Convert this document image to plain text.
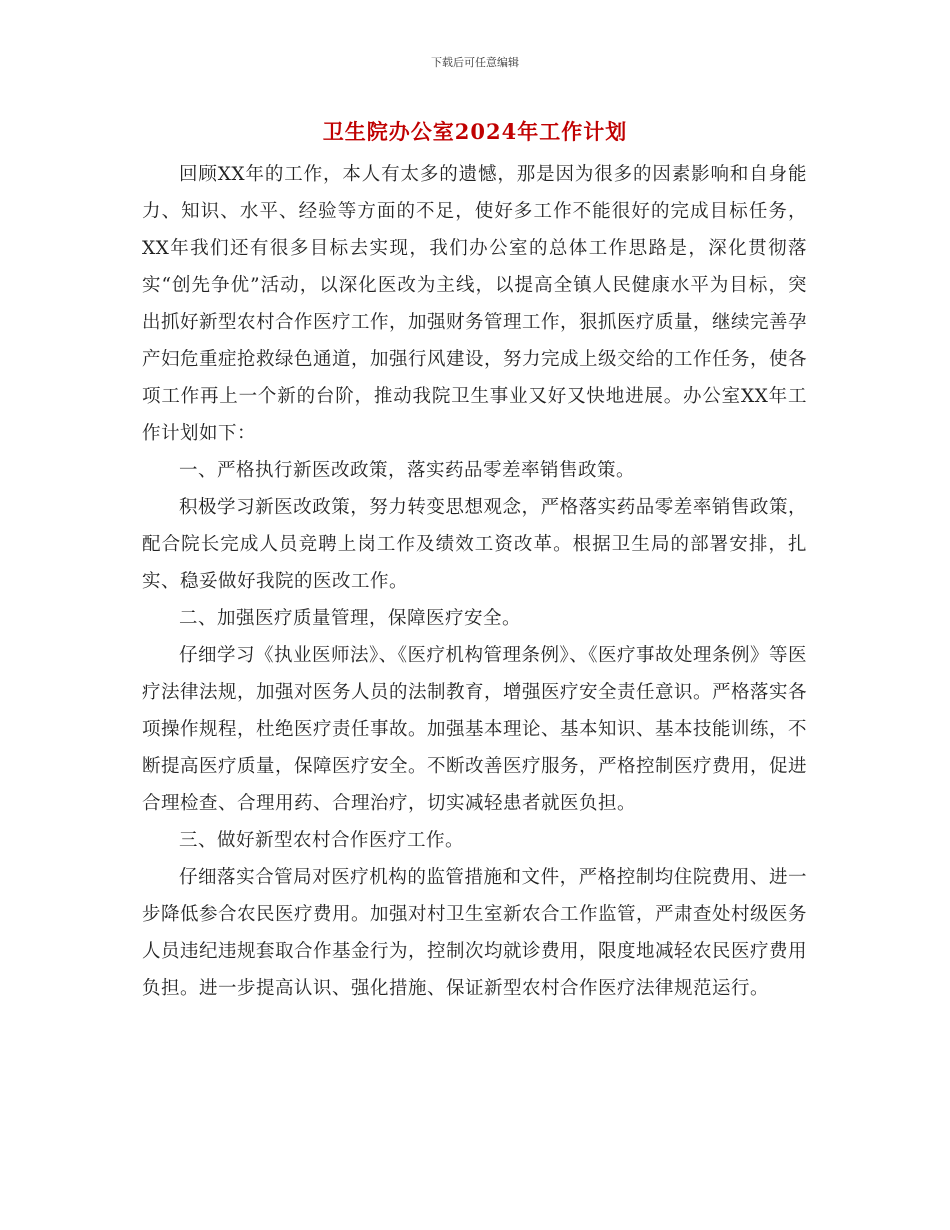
下载后可任意编辑
卫生院办公室2024年工作计划

回顾XX年的工作，本人有太多的遗憾，那是因为很多的因素影响和自身能力、知识、水平、经验等方面的不足，使好多工作不能很好的完成目标任务，XX年我们还有很多目标去实现，我们办公室的总体工作思路是，深化贯彻落实“创先争优”活动，以深化医改为主线，以提高全镇人民健康水平为目标，突出抓好新型农村合作医疗工作，加强财务管理工作，狠抓医疗质量，继续完善孕产妇危重症抢救绿色通道，加强行风建设，努力完成上级交给的工作任务，使各项工作再上一个新的台阶，推动我院卫生事业又好又快地进展。办公室XX年工作计划如下：

一、严格执行新医改政策，落实药品零差率销售政策。

积极学习新医改政策，努力转变思想观念，严格落实药品零差率销售政策，配合院长完成人员竞聘上岗工作及绩效工资改革。根据卫生局的部署安排，扎实、稳妥做好我院的医改工作。

二、加强医疗质量管理，保障医疗安全。

仔细学习《执业医师法》、《医疗机构管理条例》、《医疗事故处理条例》等医疗法律法规，加强对医务人员的法制教育，增强医疗安全责任意识。严格落实各项操作规程，杜绝医疗责任事故。加强基本理论、基本知识、基本技能训练，不断提高医疗质量，保障医疗安全。不断改善医疗服务，严格控制医疗费用，促进合理检查、合理用药、合理治疗，切实减轻患者就医负担。

三、做好新型农村合作医疗工作。

仔细落实合管局对医疗机构的监管措施和文件，严格控制均住院费用、进一步降低参合农民医疗费用。加强对村卫生室新农合工作监管，严肃查处村级医务人员违纪违规套取合作基金行为，控制次均就诊费用，限度地减轻农民医疗费用负担。进一步提高认识、强化措施、保证新型农村合作医疗法律规范运行。
